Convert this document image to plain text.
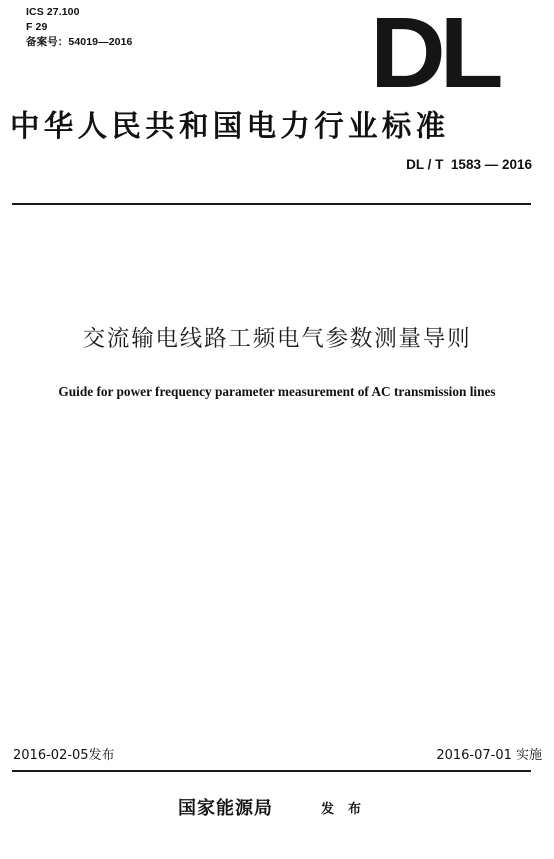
ICS 27.100
F 29
备案号：54019—2016 DL
中华人民共和国电力行业标准
DL / T  1583 — 2016
交流输电线路工频电气参数测量导则
Guide for power frequency parameter measurement of AC transmission lines
2016-02-05发布	2016-07-01 实施
国家能源局	发布
